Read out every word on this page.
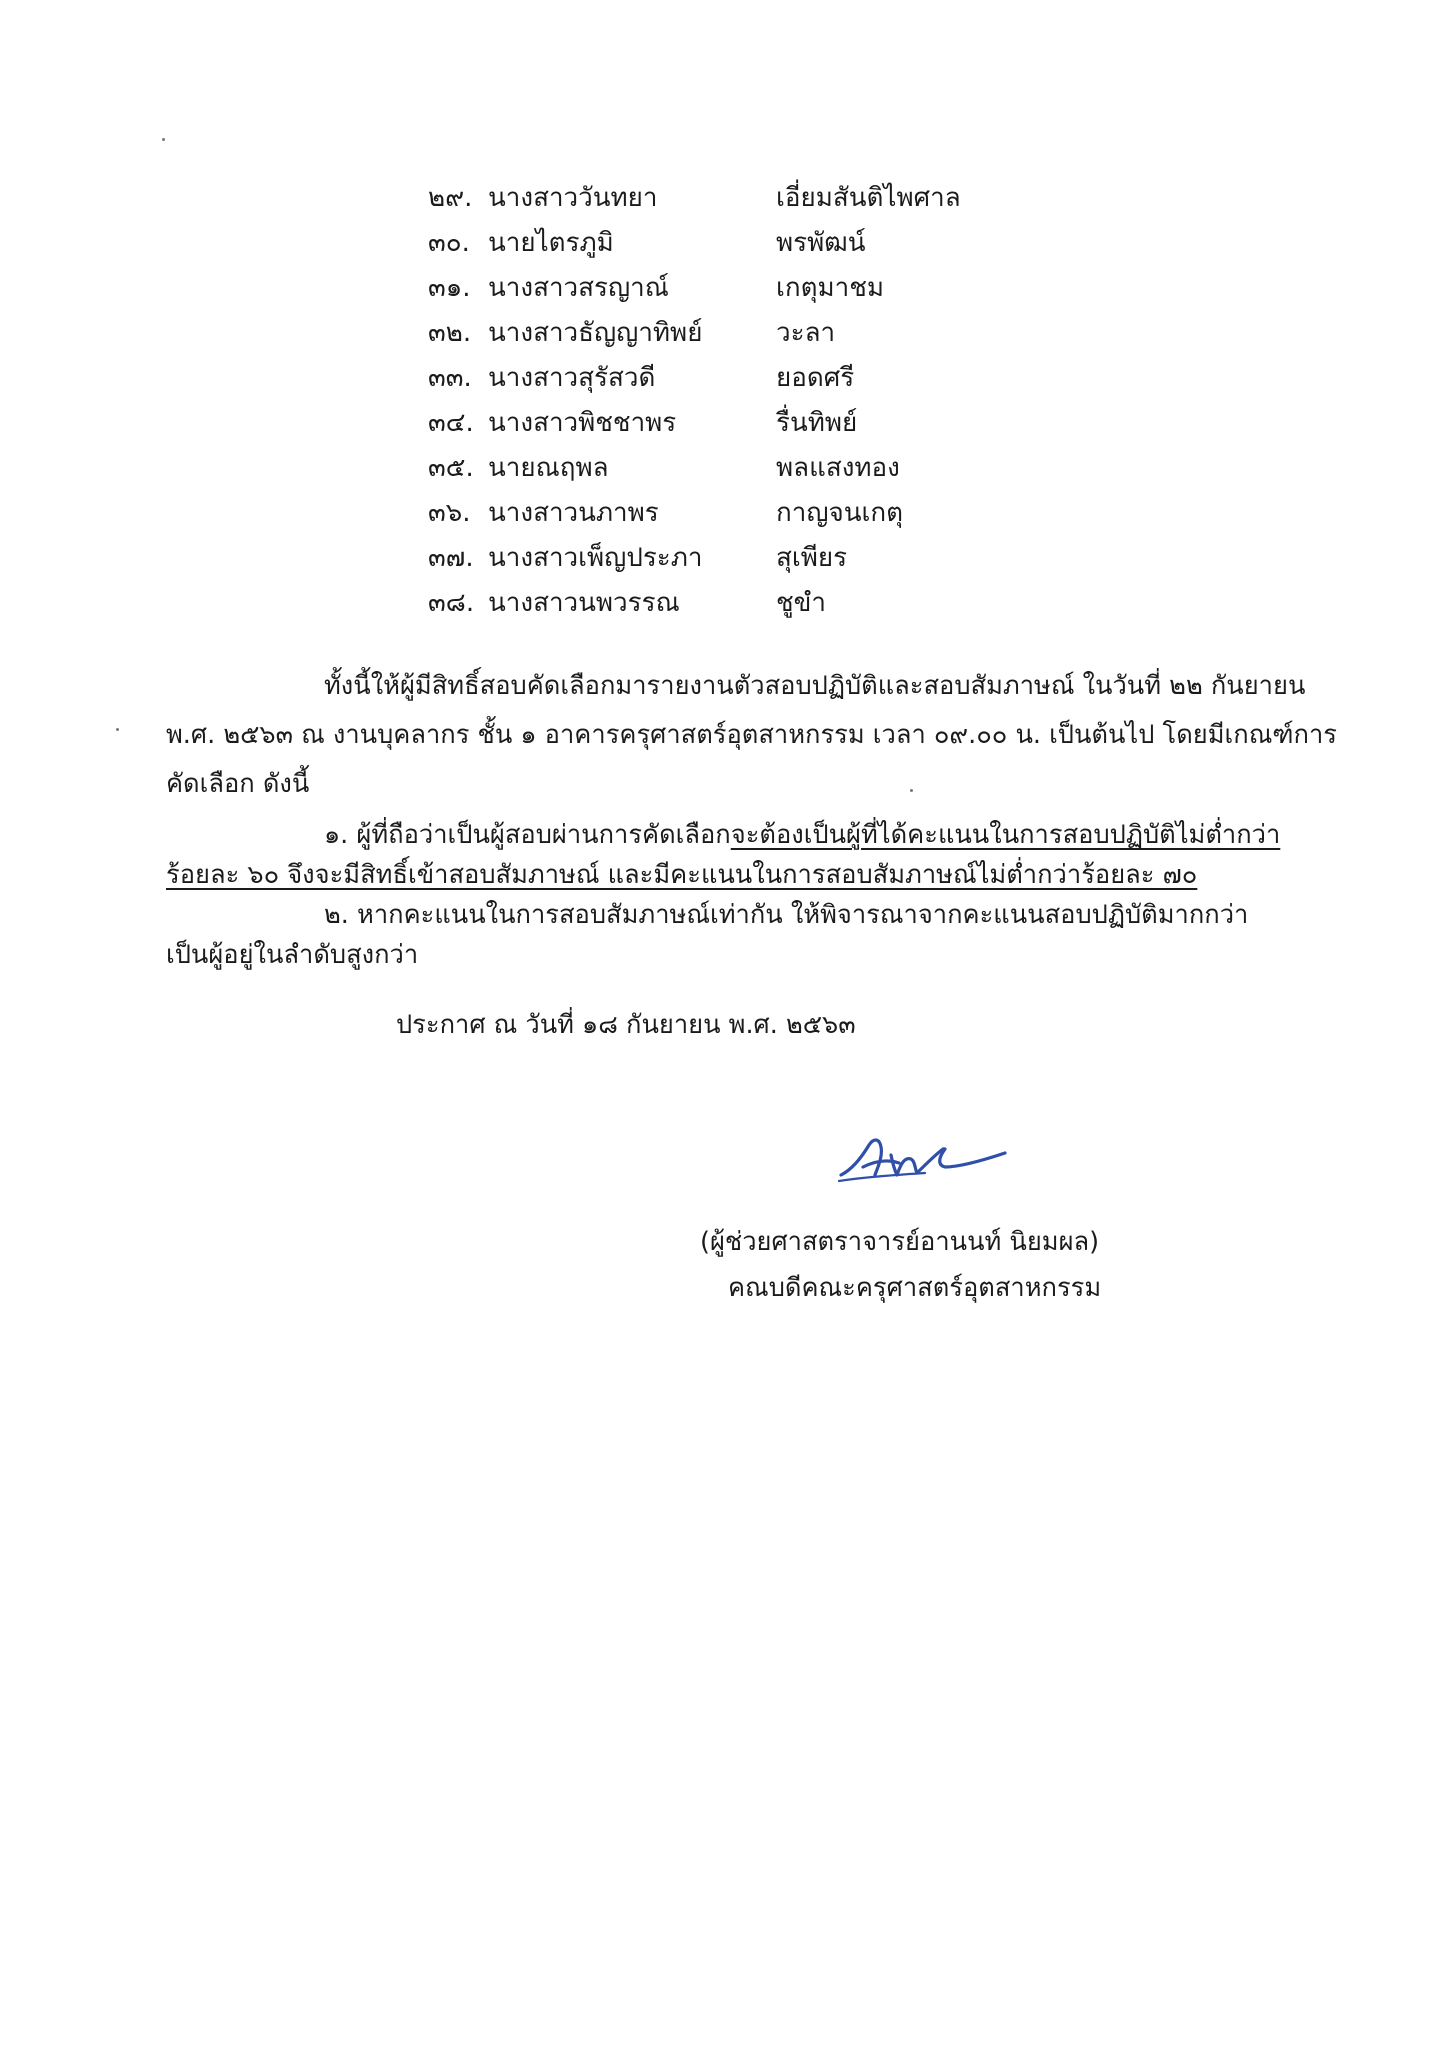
๒๙. นางสาววันทยา	เอี่ยมสันติไพศาล
๓๐. นายไตรภูมิ	พรพัฒน์
๓๑. นางสาวสรญาณ์	เกตุมาชม
๓๒. นางสาวธัญญาทิพย์	วะลา
๓๓. นางสาวสุรัสวดี	ยอดศรี
๓๔. นางสาวพิชชาพร	รื่นทิพย์
๓๕. นายณฤพล	พลแสงทอง
๓๖. นางสาวนภาพร	กาญจนเกตุ
๓๗. นางสาวเพ็ญประภา	สุเพียร
๓๘. นางสาวนพวรรณ	ชูขำ
ทั้งนี้ให้ผู้มีสิทธิ์สอบคัดเลือกมารายงานตัวสอบปฏิบัติและสอบสัมภาษณ์ ในวันที่ ๒๒ กันยายน
พ.ศ. ๒๕๖๓ ณ งานบุคลากร ชั้น ๑ อาคารครุศาสตร์อุตสาหกรรม เวลา ๐๙.๐๐ น. เป็นต้นไป โดยมีเกณฑ์การ
คัดเลือก ดังนี้
๑. ผู้ที่ถือว่าเป็นผู้สอบผ่านการคัดเลือกจะต้องเป็นผู้ที่ได้คะแนนในการสอบปฏิบัติไม่ต่ำกว่า
ร้อยละ ๖๐ จึงจะมีสิทธิ์เข้าสอบสัมภาษณ์ และมีคะแนนในการสอบสัมภาษณ์ไม่ต่ำกว่าร้อยละ ๗๐
๒. หากคะแนนในการสอบสัมภาษณ์เท่ากัน ให้พิจารณาจากคะแนนสอบปฏิบัติมากกว่า
เป็นผู้อยู่ในลำดับสูงกว่า
ประกาศ ณ วันที่ ๑๘ กันยายน พ.ศ. ๒๕๖๓
(ผู้ช่วยศาสตราจารย์อานนท์ นิยมผล)
คณบดีคณะครุศาสตร์อุตสาหกรรม
